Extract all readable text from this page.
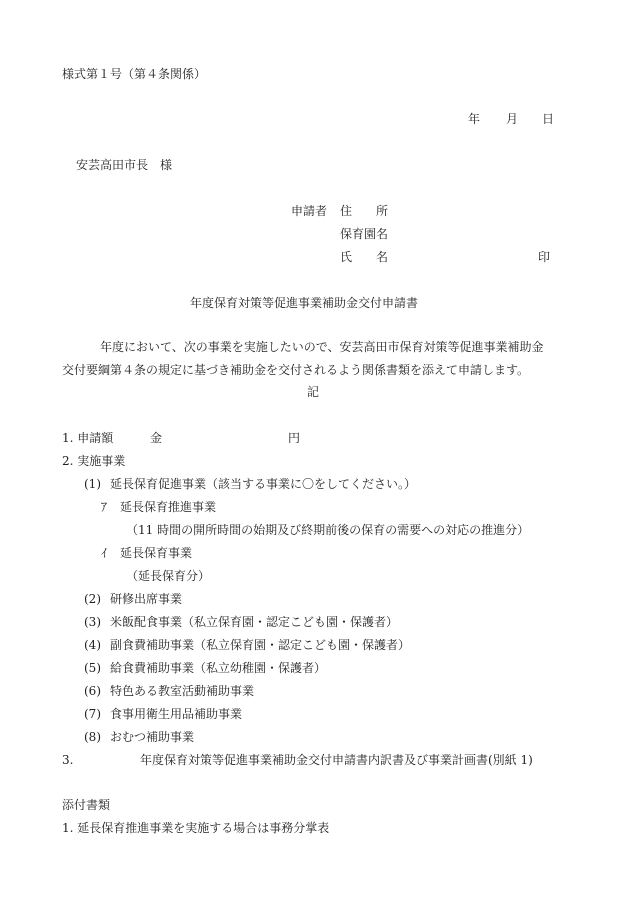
様式第１号（第４条関係）
年 月 日
安芸高田市長　様
申請者 住　　所
保育園名
氏　　名	印
年度保育対策等促進事業補助金交付申請書
年度において、次の事業を実施したいので、安芸高田市保育対策等促進事業補助金
交付要綱第４条の規定に基づき補助金を交付されるよう関係書類を添えて申請します。
記
1. 申請額	金	円
2. 実施事業
(1) 延長保育促進事業（該当する事業に〇をしてください。）
ｱ 延長保育推進事業
（11 時間の開所時間の始期及び終期前後の保育の需要への対応の推進分）
ｲ 延長保育事業
（延長保育分）
(2) 研修出席事業
(3) 米飯配食事業（私立保育園・認定こども園・保護者）
(4) 副食費補助事業（私立保育園・認定こども園・保護者）
(5) 給食費補助事業（私立幼稚園・保護者）
(6) 特色ある教室活動補助事業
(7) 食事用衛生用品補助事業
(8) おむつ補助事業
3.	年度保育対策等促進事業補助金交付申請書内訳書及び事業計画書(別紙 1)
添付書類
1. 延長保育推進事業を実施する場合は事務分掌表
